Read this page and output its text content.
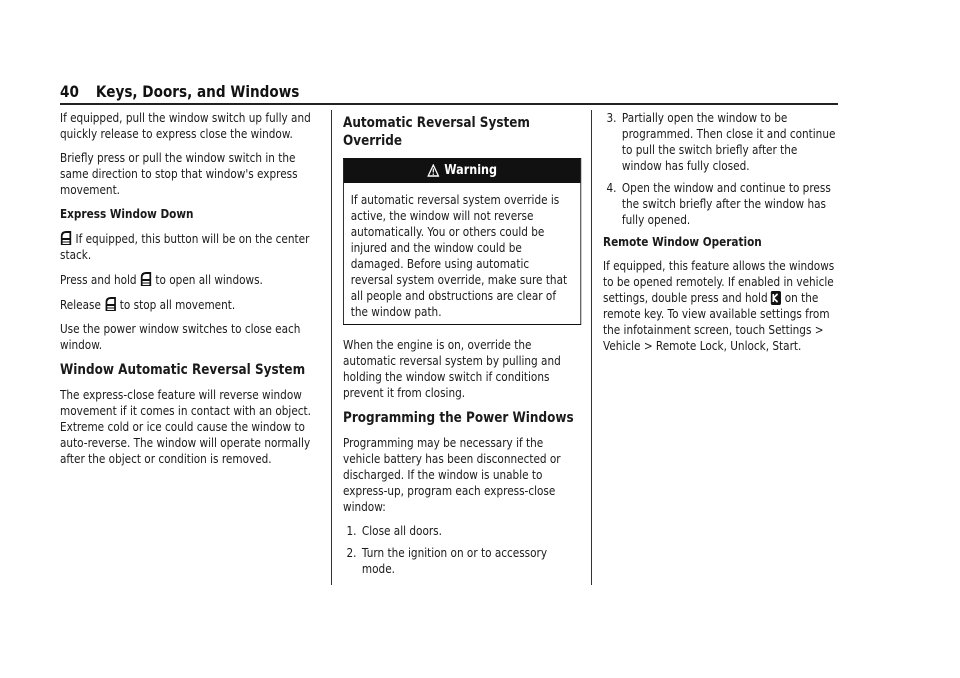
40 Keys, Doors, and Windows

If equipped, pull the window switch up fully and quickly release to express close the window.

Briefly press or pull the window switch in the same direction to stop that window's express movement.

Express Window Down

If equipped, this button will be on the center stack.

Press and hold to open all windows.

Release to stop all movement.

Use the power window switches to close each window.

Window Automatic Reversal System

The express-close feature will reverse window movement if it comes in contact with an object. Extreme cold or ice could cause the window to auto-reverse. The window will operate normally after the object or condition is removed.

Automatic Reversal System Override
Warning
If automatic reversal system override is active, the window will not reverse automatically. You or others could be injured and the window could be damaged. Before using automatic reversal system override, make sure that all people and obstructions are clear of the window path.

When the engine is on, override the automatic reversal system by pulling and holding the window switch if conditions prevent it from closing.

Programming the Power Windows

Programming may be necessary if the vehicle battery has been disconnected or discharged. If the window is unable to express-up, program each express-close window:

1. Close all doors.
2. Turn the ignition on or to accessory mode.
3. Partially open the window to be programmed. Then close it and continue to pull the switch briefly after the window has fully closed.
4. Open the window and continue to press the switch briefly after the window has fully opened.

Remote Window Operation

If equipped, this feature allows the windows to be opened remotely. If enabled in vehicle settings, double press and hold on the remote key. To view available settings from the infotainment screen, touch Settings > Vehicle > Remote Lock, Unlock, Start.
